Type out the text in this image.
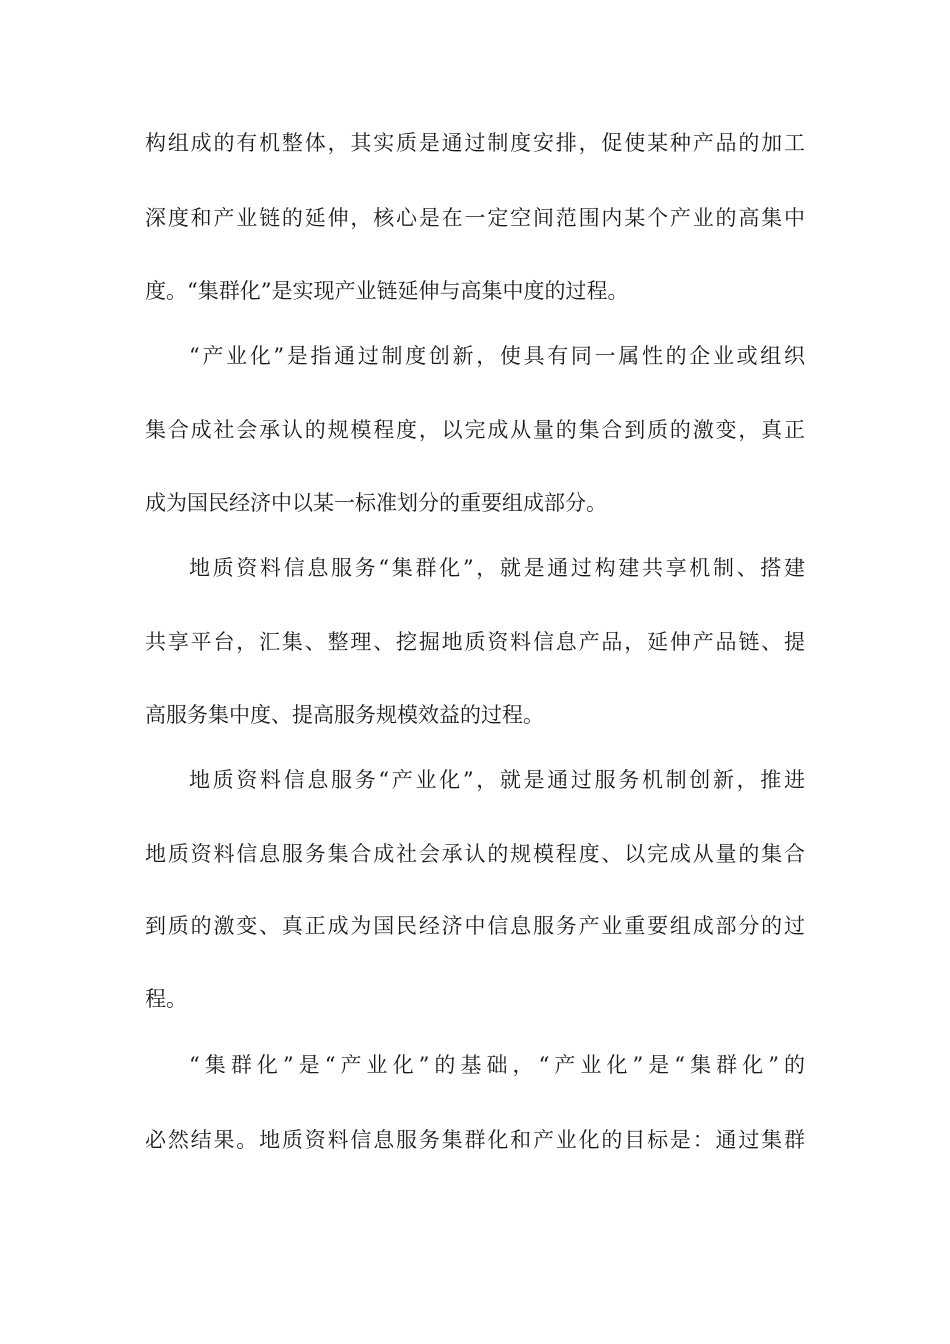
构组成的有机整体，其实质是通过制度安排，促使某种产品的加工
深度和产业链的延伸，核心是在一定空间范围内某个产业的高集中
度。“集群化”是实现产业链延伸与高集中度的过程。
“产业化”是指通过制度创新，使具有同一属性的企业或组织
集合成社会承认的规模程度，以完成从量的集合到质的激变，真正
成为国民经济中以某一标准划分的重要组成部分。
地质资料信息服务“集群化”，就是通过构建共享机制、搭建
共享平台，汇集、整理、挖掘地质资料信息产品，延伸产品链、提
高服务集中度、提高服务规模效益的过程。
地质资料信息服务“产业化”，就是通过服务机制创新，推进
地质资料信息服务集合成社会承认的规模程度、以完成从量的集合
到质的激变、真正成为国民经济中信息服务产业重要组成部分的过
程。
“集群化”是“产业化”的基础，“产业化”是“集群化”的
必然结果。地质资料信息服务集群化和产业化的目标是：通过集群
